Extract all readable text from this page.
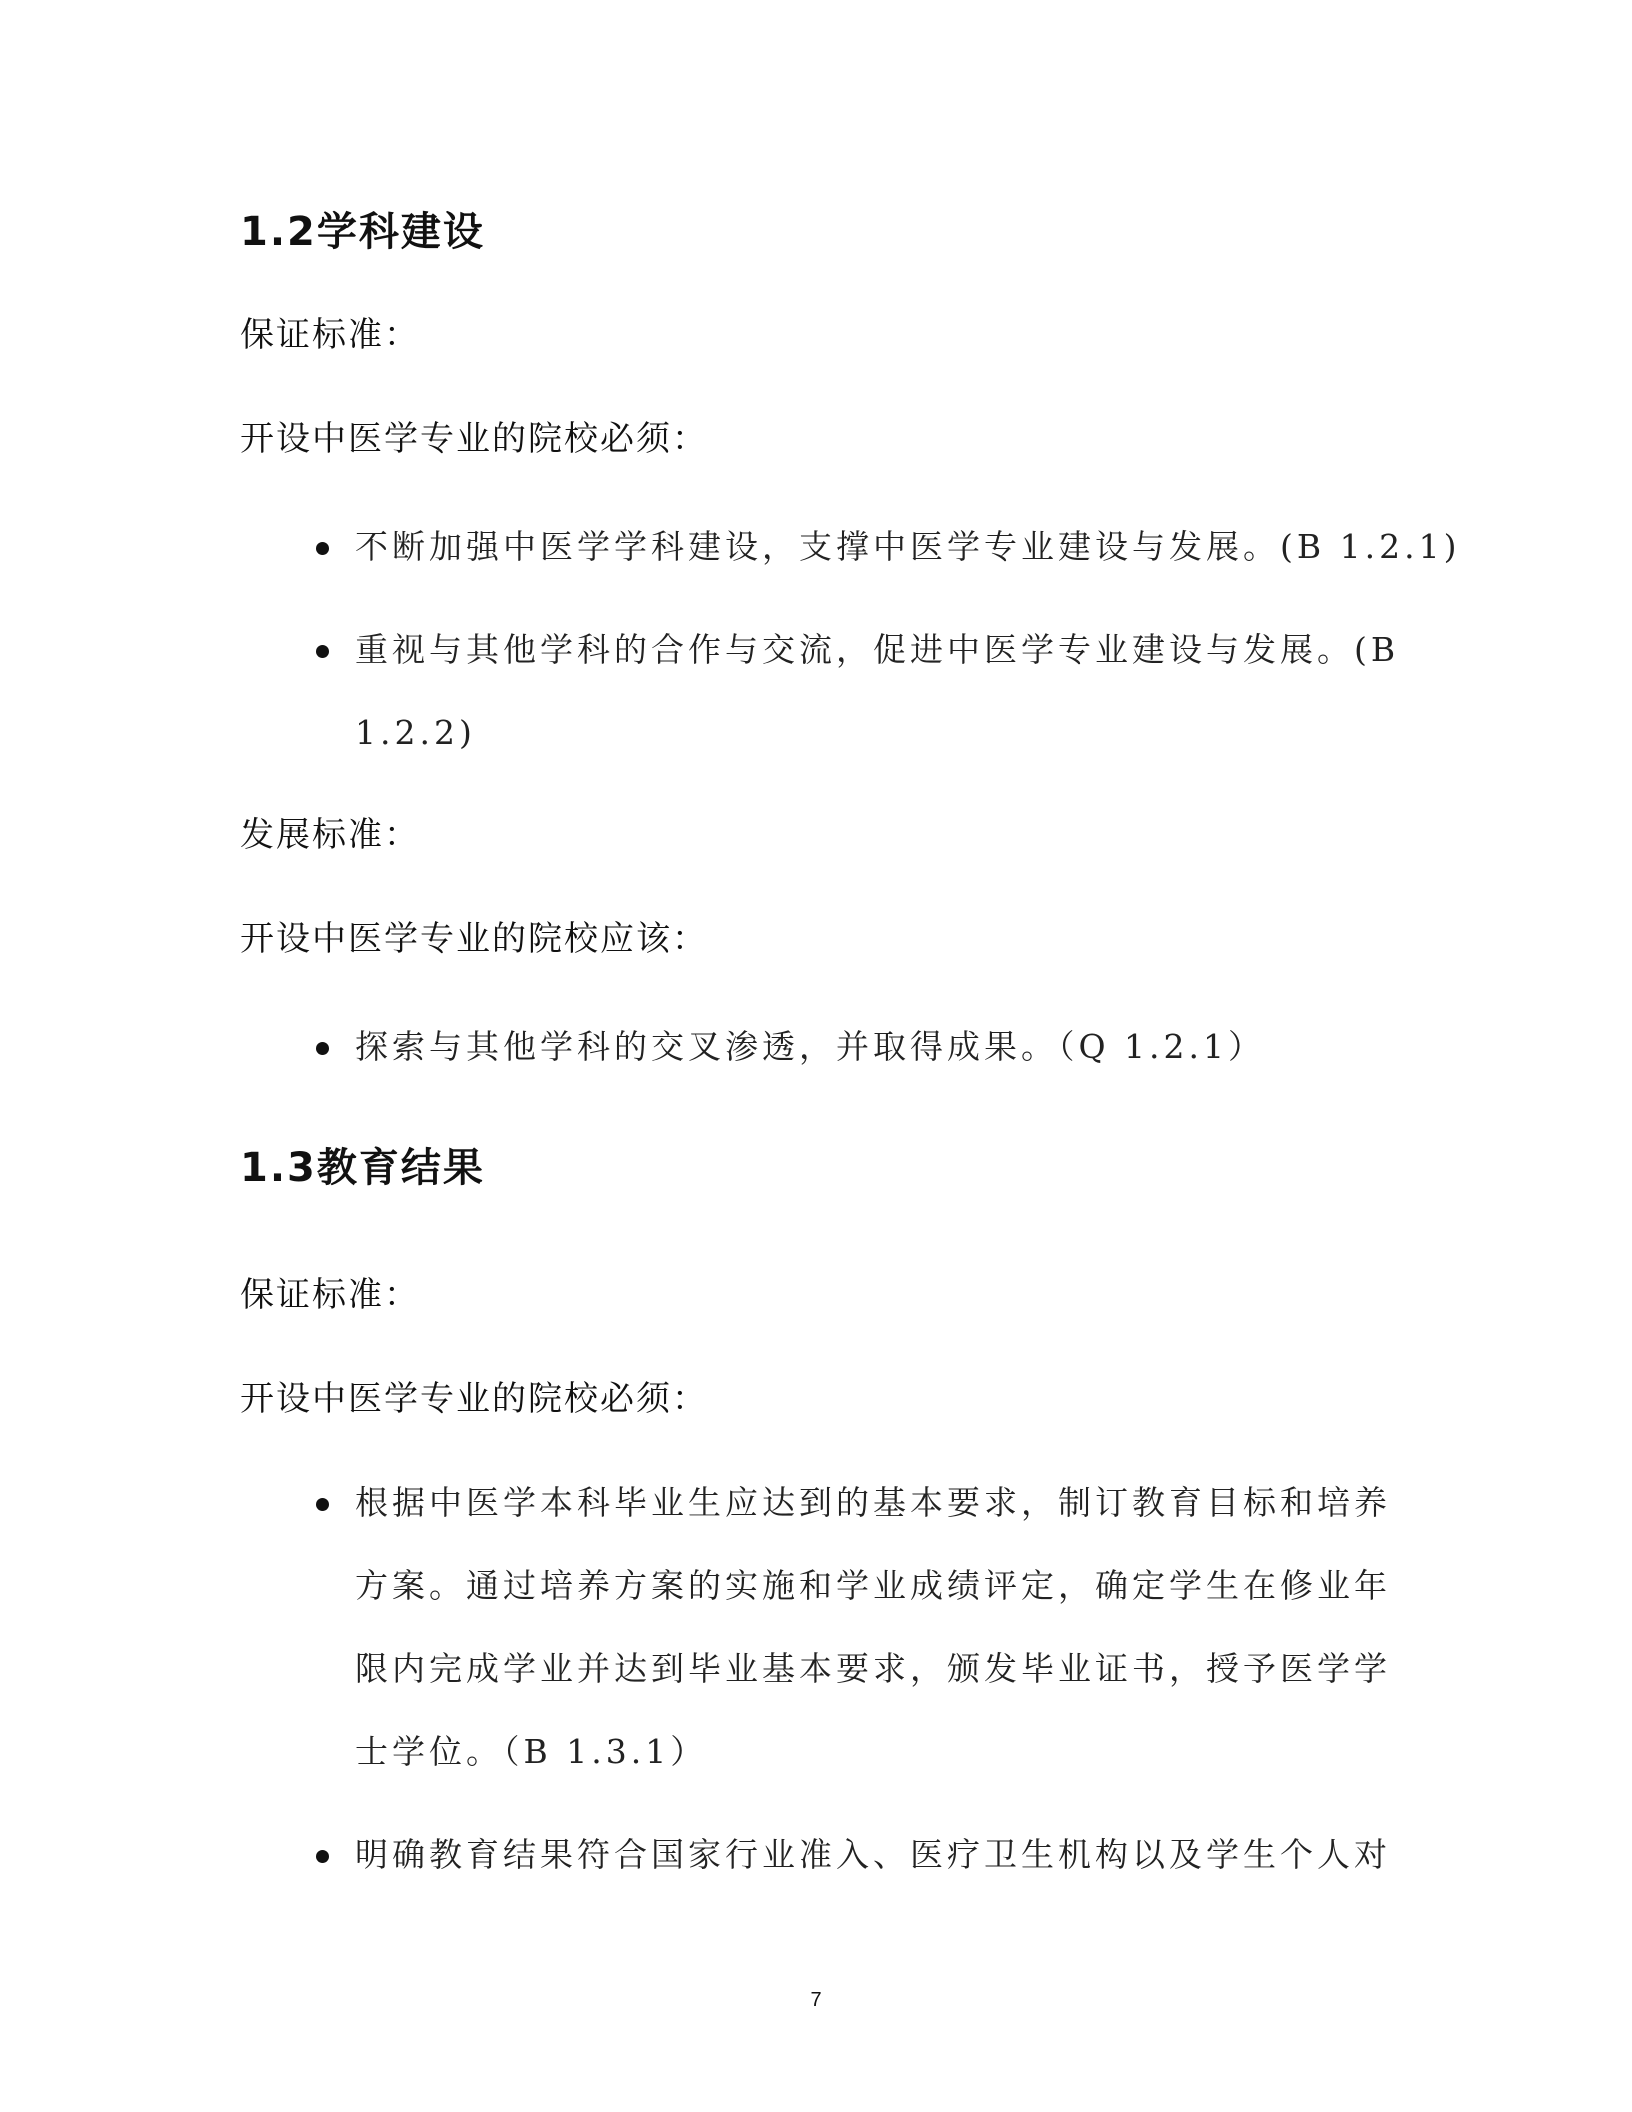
1.2学科建设
保证标准：
开设中医学专业的院校必须：
不断加强中医学学科建设，支撑中医学专业建设与发展。(B 1.2.1)
重视与其他学科的合作与交流，促进中医学专业建设与发展。(B
1.2.2)
发展标准：
开设中医学专业的院校应该：
探索与其他学科的交叉渗透，并取得成果。（Q 1.2.1）
1.3教育结果
保证标准：
开设中医学专业的院校必须：
根据中医学本科毕业生应达到的基本要求，制订教育目标和培养
方案。通过培养方案的实施和学业成绩评定，确定学生在修业年
限内完成学业并达到毕业基本要求，颁发毕业证书，授予医学学
士学位。（B 1.3.1）
明确教育结果符合国家行业准入、医疗卫生机构以及学生个人对
7
